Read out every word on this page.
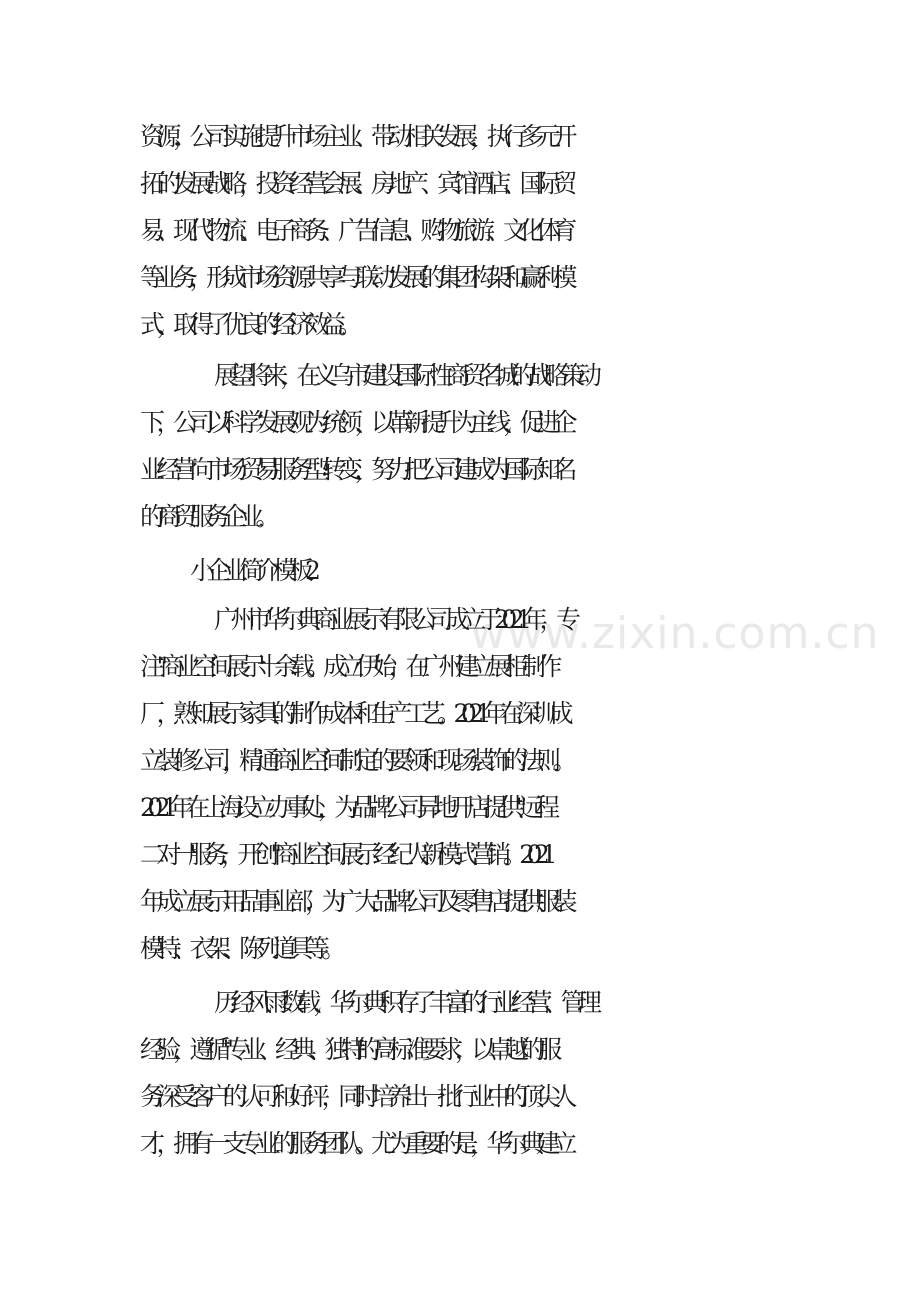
www.zixin.com.cn
资源，公司实施提升市场主业、带动相关发展，执行多元开
拓的发展战略，投资经营会展、房地产、宾馆酒店、国际贸
易、现代物流、电子商务、广告信息、购物旅游、文化体育
等业务，形成市场资源共享与联动发展的集团构架和赢利模
式，取得了优良的经济效益。
展望将来，在义乌市建设国际性商贸名城的战略策动
下，公司以科学发展观为统领，以革新提升为主线，促进企
业经营向市场贸易服务型转变，努力把公司建成为国际知名
的商贸服务企业。
小企业简介模板 2
广州市华尔典商业展示有限公司成立于 2021 年，专
注"商业空间展示'十余载。成立伊始，在广州建立展柜制作
厂，熟知展示家具的制作成本和生产工艺。2021 年在深圳成
立装修公司，精通商业空间制定的要领和现场装饰的法则。
2021 年在上海设立办事处，为品牌公司异地开店提供"远程
二对一'服务，开创"商业空间展示经纪人'新模式营销。2021
年成立展示用品事业部，为广大品牌公司及零售店提供服装
模特、衣架、陈列道具等。
历经风雨数载，华尔典积存了丰富的行业经营、管理
经验，遵循"专业、经典、独特'的高标准要求，以卓越的服
务深受客户的认可和好评，同时培养出一批行业中的顶尖人
才，拥有一支专业的服务团队。尤为重要的是，华尔典建立
